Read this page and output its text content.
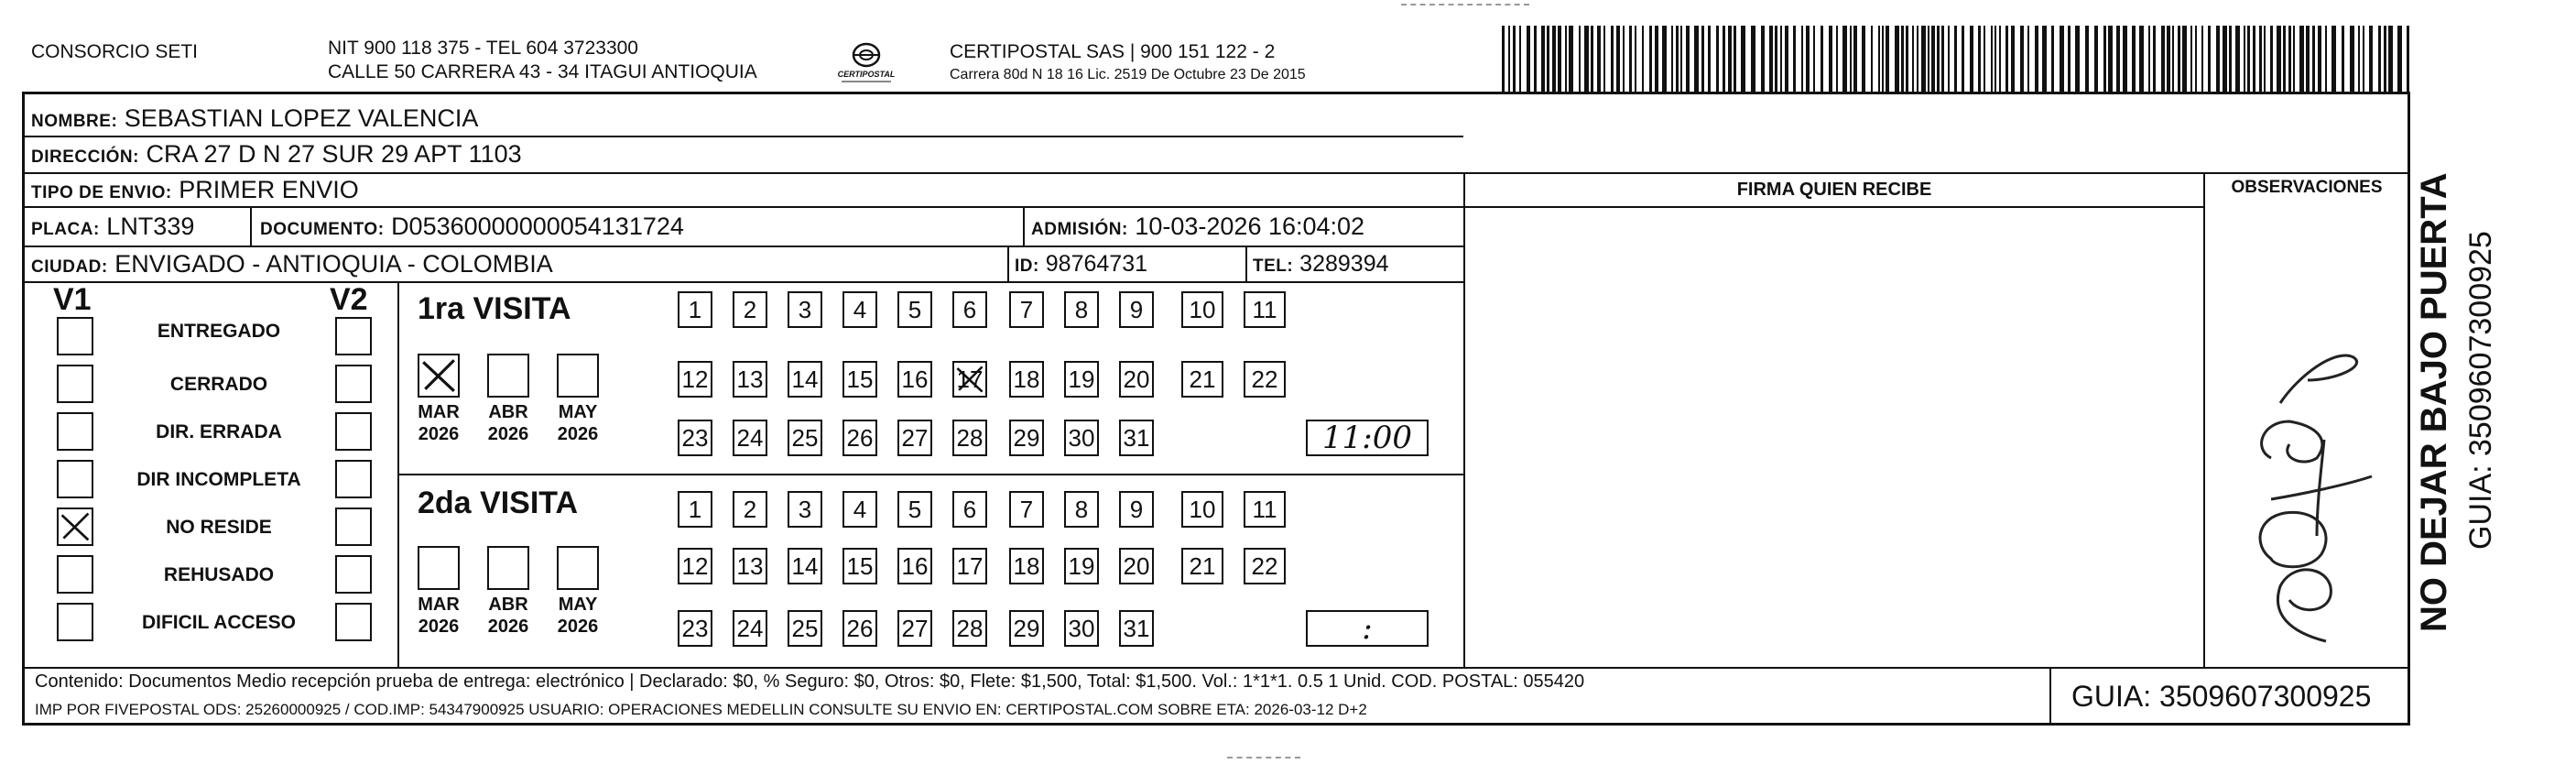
CONSORCIO SETI	NIT 900 118 375 - TEL 604 3723300
CALLE 50 CARRERA 43 - 34 ITAGUI ANTIOQUIA	CERTIPOSTAL
CERTIPOSTAL SAS | 900 151 122 - 2
Carrera 80d N 18 16 Lic. 2519 De Octubre 23 De 2015
NOMBRE: SEBASTIAN LOPEZ VALENCIA
DIRECCIÓN: CRA 27 D N 27 SUR 29 APT 1103
TIPO DE ENVIO: PRIMER ENVIO
PLACA: LNT339	DOCUMENTO: D05360000000054131724	ADMISIÓN: 10-03-2026 16:04:02
CIUDAD: ENVIGADO - ANTIOQUIA - COLOMBIA	ID: 98764731	TEL: 3289394
FIRMA QUIEN RECIBE	OBSERVACIONES NO DEJAR BAJO PUERTA GUIA: 3509607300925
V1	V2
ENTREGADO
CERRADO
DIR. ERRADA
DIR INCOMPLETA
NO RESIDE
REHUSADO
DIFICIL ACCESO
1ra VISITA
MAR
2026
ABR
2026
MAY
2026
1	2	3	4	5	6	7	8	9	10	11
12 13 14 15 16 17 18 19 20	21	22
23 24 25 26 27 28 29 30 31	11:00
2da VISITA
MAR
2026
ABR
2026
MAY
2026
1	2	3	4	5	6	7	8	9	10	11
12 13 14 15 16 17 18 19 20	21	22
23 24 25 26 27 28 29 30 31	:
Contenido: Documentos Medio recepción prueba de entrega: electrónico | Declarado: $0, % Seguro: $0, Otros: $0, Flete: $1,500, Total: $1,500. Vol.: 1*1*1. 0.5 1 Unid. COD. POSTAL: 055420
IMP POR FIVEPOSTAL ODS: 25260000925 / COD.IMP: 54347900925 USUARIO: OPERACIONES MEDELLIN CONSULTE SU ENVIO EN: CERTIPOSTAL.COM SOBRE ETA: 2026-03-12 D+2	GUIA: 3509607300925
